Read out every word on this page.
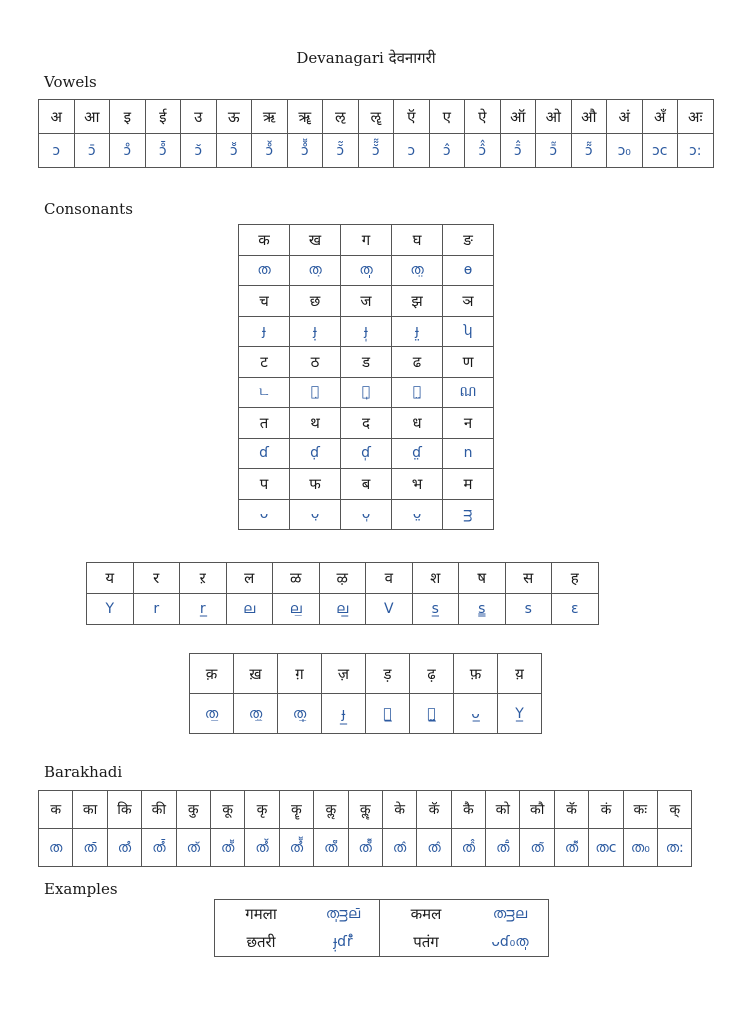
Devanagari देवनागरी
Vowels
Consonants
Barakhadi
Examples
अ	आ	इ	ई	उ	ऊ	ऋ	ॠ	ऌ	ॡ	ऍ	ए	ऐ	ऑ	ओ	औ	अं	अँ	अः
ↄ	ↄ̄	ↄ̊	ↄ̊̄	ↄ̆	ↄ̆̆	ↄ̊̆	ↄ̊̆̆	ↄ̆̃	ↄ̆̃̃	ↄ	ↄ̂	ↄ̂̂	ↄ̄̂	ↄ̄̃	ↄ̃̃	ↄ₀	ↄc	ↄ꞉
क	ख	ग	घ	ङ
ത	ത̣	ത̩	ത̤	ɵ
च	छ	ज	झ	ञ
ɟ	ɟ̣	ɟ̩	ɟ̤	ʮ
ट	ठ	ड	ढ	ण
ㄴ	ㄴ̣	ㄴ̩	ㄴ̤	ណ
त	थ	द	ध	न
ɗ	ɗ̣	ɗ̩	ɗ̤	ո
प	फ	ब	भ	म
ᴗ	ᴗ̣	ᴗ̩	ᴗ̤	ᴟ
य	र	ऱ	ल	ळ	ऴ	व	श	ष	स	ह
Y	r	r̲	ല	ല̲	ല̳	V	s̲	s̳	s	ɛ
क़	ख़	ग़	ज़	ड़	ढ़	फ़	य़
ത̲	ത̤̲	ത̩̲	ɟ̲	ㄴ̲	ㄴ̤̲	ᴗ̲	Y̲
क	का	कि	की	कु	कू	कृ	कॄ	कॢ	कॣ	के	कॅ	कै	को	कौ	कॅ	कं	कः	क्
ത	ത̄	ത̊	ത̊̄	ത̆	ത̆̆	ത̊̆	ത̊̆̆	ത̆̃	ത̆̃̃	ത̂	ത̂	ത̂̂	ത̄̂	ത̃	ത̃̃	തc	ത₀	ത꞉
गमला	ത̩ᴟല̄	कमल	തᴟല
छतरी	ɟ̣ɗr̊̄	पतंग	ᴗɗ₀ത̩
